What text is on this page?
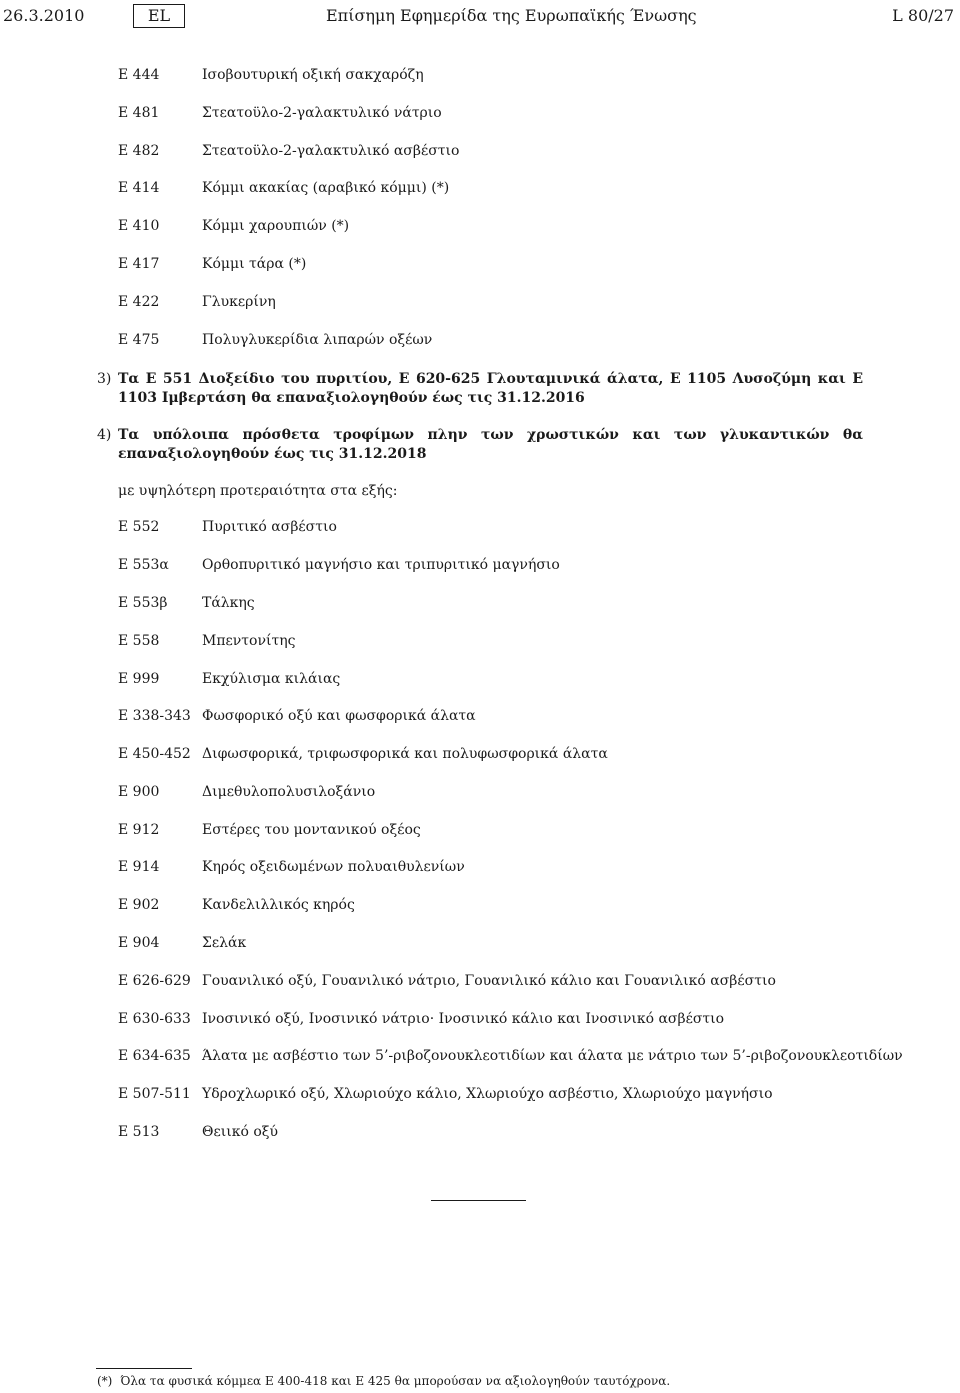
26.3.2010	EL	Επίσημη Εφημερίδα της Ευρωπαϊκής Ένωσης	L 80/27
E 444	Ισοβουτυρική οξική σακχαρόζη
E 481	Στεατοϋλο-2-γαλακτυλικό νάτριο
E 482	Στεατοϋλο-2-γαλακτυλικό ασβέστιο
E 414	Κόμμι ακακίας (αραβικό κόμμι) (*)
E 410	Κόμμι χαρουπιών (*)
E 417	Κόμμι τάρα (*)
E 422	Γλυκερίνη
E 475	Πολυγλυκερίδια λιπαρών οξέων
3) Τα E 551 Διοξείδιο του πυριτίου, E 620-625 Γλουταμινικά άλατα, E 1105 Λυσοζύμη και E 1103 Ιμβερτάση θα επαναξιολογηθούν έως τις 31.12.2016
4) Τα υπόλοιπα πρόσθετα τροφίμων πλην των χρωστικών και των γλυκαντικών θα επαναξιολογηθούν έως τις 31.12.2018
με υψηλότερη προτεραιότητα στα εξής:
E 552	Πυριτικό ασβέστιο
E 553α Ορθοπυριτικό μαγνήσιο και τριπυριτικό μαγνήσιο
E 553β Τάλκης
E 558	Μπεντονίτης
E 999	Εκχύλισμα κιλάιας
E 338-343 Φωσφορικό οξύ και φωσφορικά άλατα
E 450-452 Διφωσφορικά, τριφωσφορικά και πολυφωσφορικά άλατα
E 900	Διμεθυλοπολυσιλοξάνιο
E 912	Εστέρες του μοντανικού οξέος
E 914	Κηρός οξειδωμένων πολυαιθυλενίων
E 902	Κανδελιλλικός κηρός
E 904	Σελάκ
E 626-629 Γουανιλικό οξύ, Γουανιλικό νάτριο, Γουανιλικό κάλιο και Γουανιλικό ασβέστιο
E 630-633 Ινοσινικό οξύ, Ινοσινικό νάτριο· Ινοσινικό κάλιο και Ινοσινικό ασβέστιο
E 634-635 Άλατα με ασβέστιο των 5’-ριβοζονουκλεοτιδίων και άλατα με νάτριο των 5’-ριβοζονουκλεοτιδίων
E 507-511 Υδροχλωρικό οξύ, Χλωριούχο κάλιο, Χλωριούχο ασβέστιο, Χλωριούχο μαγνήσιο
E 513	Θειικό οξύ
(*) Όλα τα φυσικά κόμμεα E 400-418 και E 425 θα μπορούσαν να αξιολογηθούν ταυτόχρονα.
